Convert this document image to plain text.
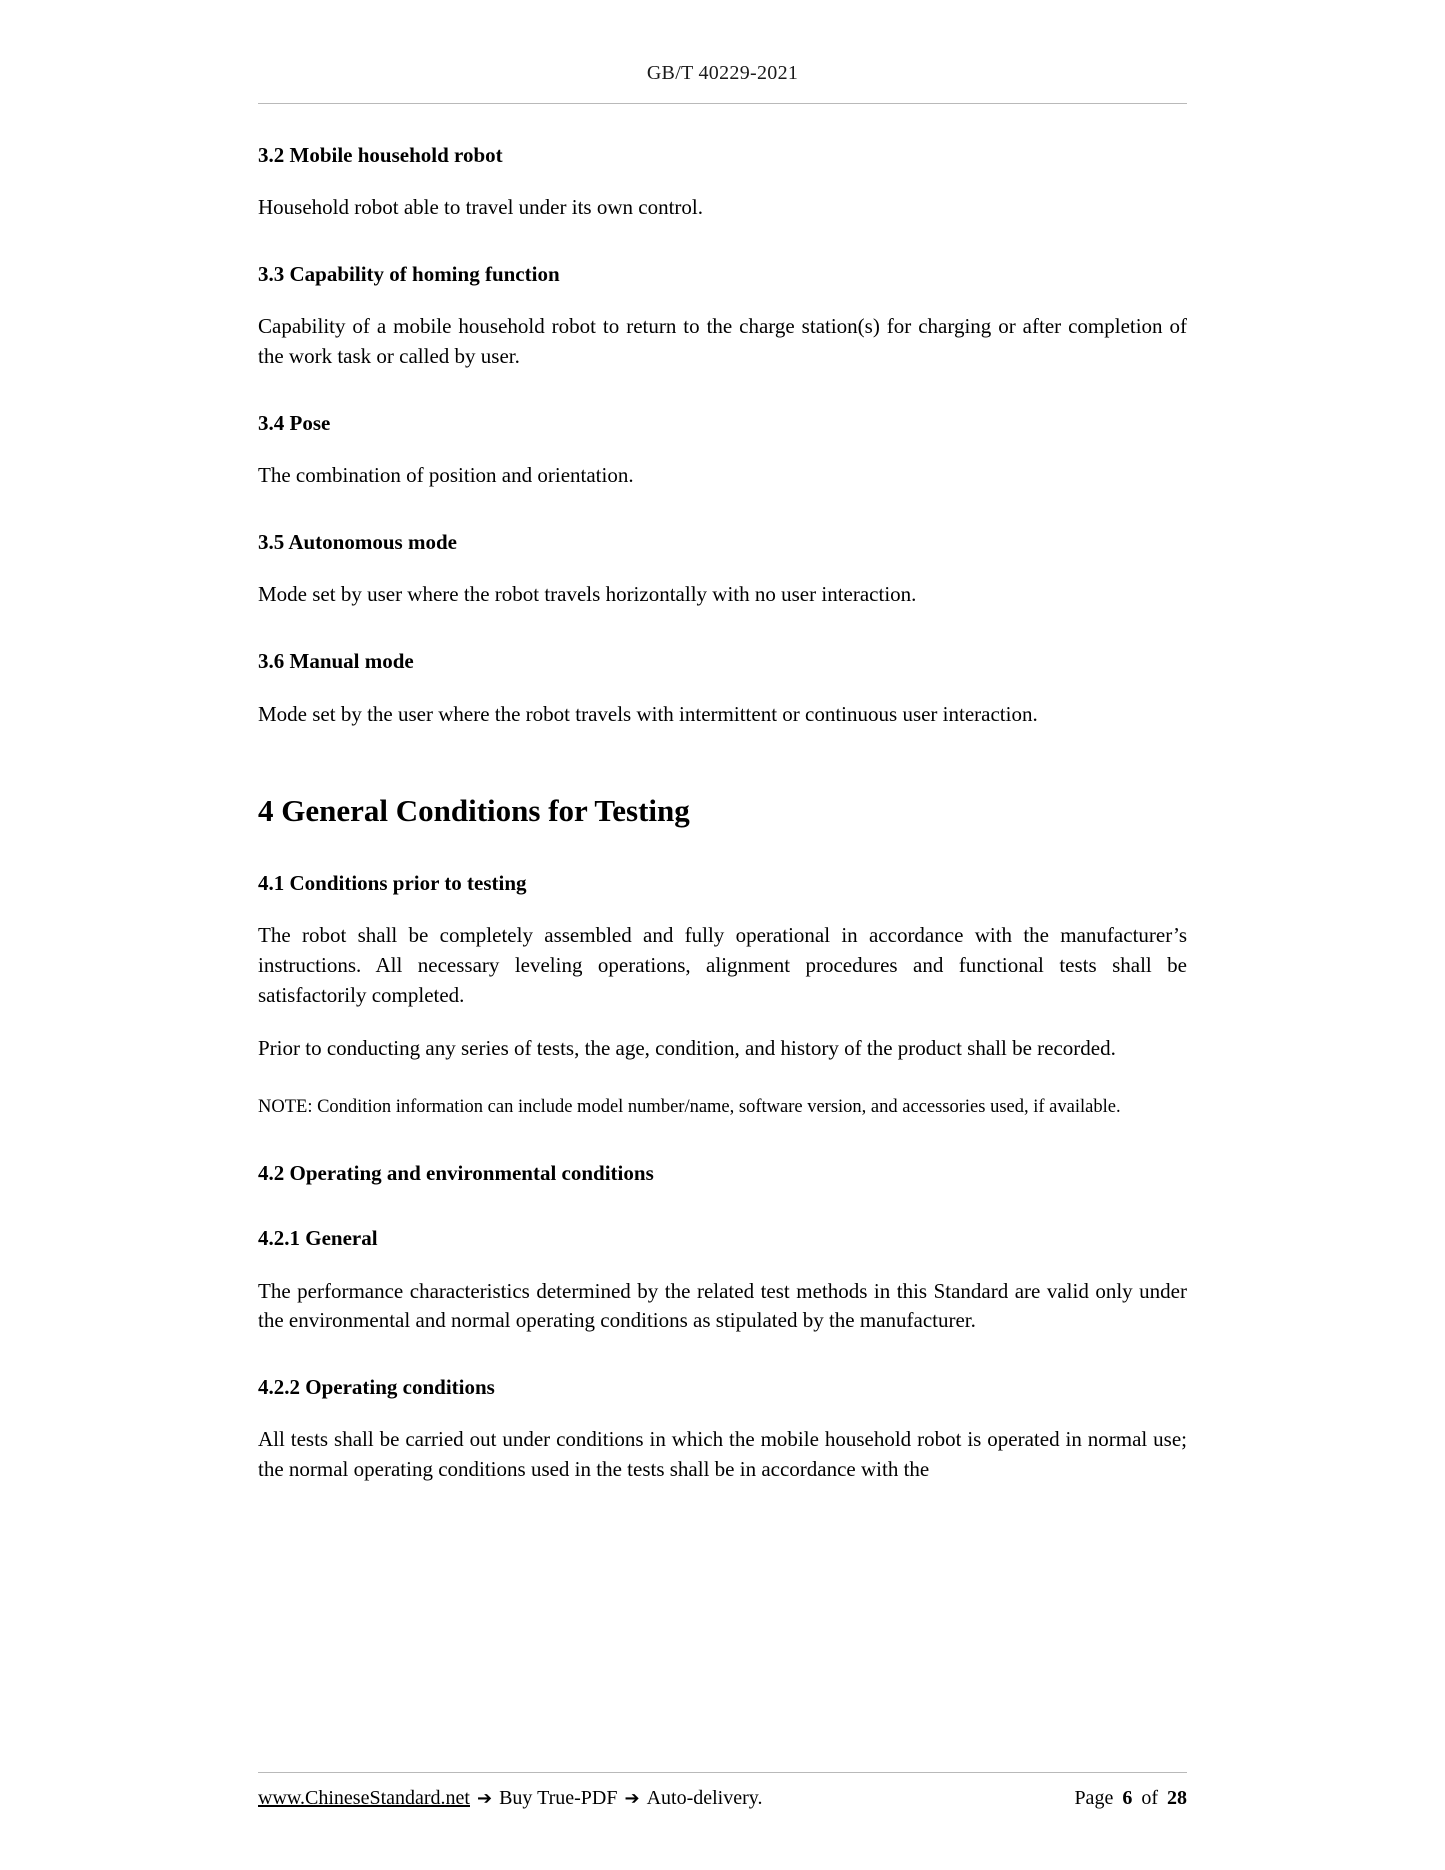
GB/T 40229-2021
3.2 Mobile household robot

Household robot able to travel under its own control.

3.3 Capability of homing function

Capability of a mobile household robot to return to the charge station(s) for charging or after completion of the work task or called by user.

3.4 Pose

The combination of position and orientation.

3.5 Autonomous mode

Mode set by user where the robot travels horizontally with no user interaction.

3.6 Manual mode

Mode set by the user where the robot travels with intermittent or continuous user interaction.

4 General Conditions for Testing
4.1 Conditions prior to testing

The robot shall be completely assembled and fully operational in accordance with the manufacturer’s instructions. All necessary leveling operations, alignment procedures and functional tests shall be satisfactorily completed.

Prior to conducting any series of tests, the age, condition, and history of the product shall be recorded.

NOTE: Condition information can include model number/name, software version, and accessories used, if available.

4.2 Operating and environmental conditions
4.2.1 General

The performance characteristics determined by the related test methods in this Standard are valid only under the environmental and normal operating conditions as stipulated by the manufacturer.

4.2.2 Operating conditions

All tests shall be carried out under conditions in which the mobile household robot is operated in normal use; the normal operating conditions used in the tests shall be in accordance with the

www.ChineseStandard.net ➔ Buy True-PDF ➔ Auto-delivery.	Page 6 of 28
